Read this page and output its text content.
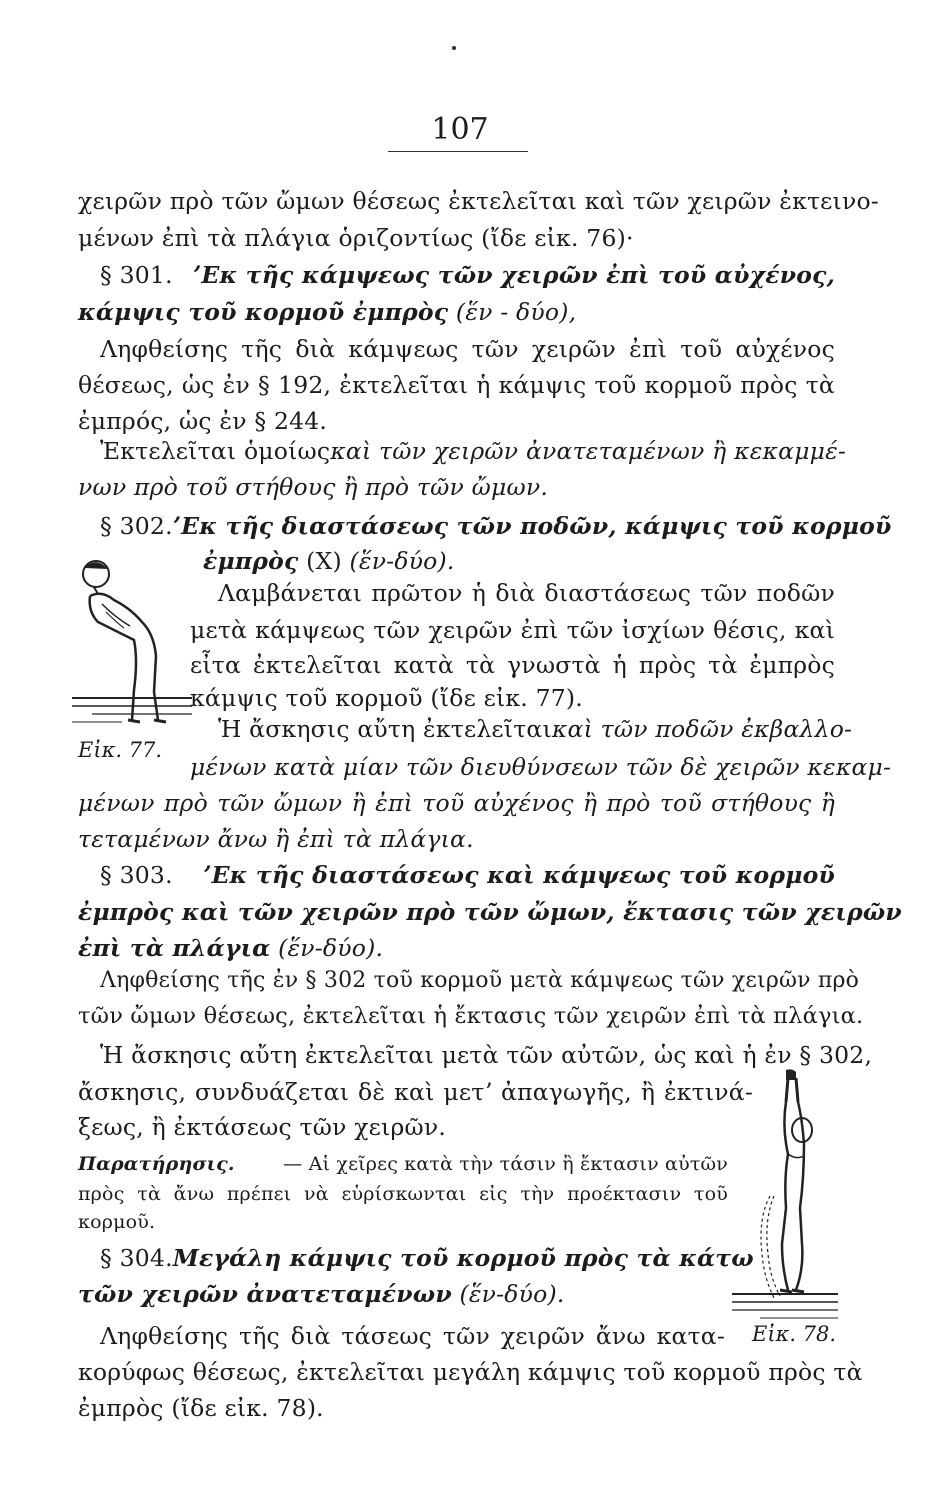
107
χειρῶν πρὸ τῶν ὤμων θέσεως ἐκτελεῖται καὶ τῶν χειρῶν ἐκτεινο-
μένων ἐπὶ τὰ πλάγια ὁριζοντίως (ἴδε εἰκ. 76)·
§ 301. ʼΕκ τῆς κάμψεως τῶν χειρῶν ἐπὶ τοῦ αὐχένος,
κάμψις τοῦ κορμοῦ ἐμπρὸς (ἕν - δύο),
Ληφθείσης τῆς διὰ κάμψεως τῶν χειρῶν ἐπὶ τοῦ αὐχένος
θέσεως, ὡς ἐν § 192, ἐκτελεῖται ἡ κάμψις τοῦ κορμοῦ πρὸς τὰ
ἐμπρός, ὡς ἐν § 244.
Ἐκτελεῖται ὁμοίως καὶ τῶν χειρῶν ἀνατεταμένων ἢ κεκαμμέ-
νων πρὸ τοῦ στήθους ἢ πρὸ τῶν ὤμων.
§ 302. ʼΕκ τῆς διαστάσεως τῶν ποδῶν, κάμψις τοῦ κορμοῦ
ἐμπρὸς (Χ) (ἕν-δύο).
Εἰκ. 77.
Λαμβάνεται πρῶτον ἡ διὰ διαστάσεως τῶν ποδῶν
μετὰ κάμψεως τῶν χειρῶν ἐπὶ τῶν ἰσχίων θέσις, καὶ
εἶτα ἐκτελεῖται κατὰ τὰ γνωστὰ ἡ πρὸς τὰ ἐμπρὸς
κάμψις τοῦ κορμοῦ (ἴδε εἰκ. 77).
Ἡ ἄσκησις αὔτη ἐκτελεῖται καὶ τῶν ποδῶν ἐκβαλλο-
μένων κατὰ μίαν τῶν διευθύνσεων τῶν δὲ χειρῶν κεκαμ-
μένων πρὸ τῶν ὤμων ἢ ἐπὶ τοῦ αὐχένος ἢ πρὸ τοῦ στήθους ἢ
τεταμένων ἄνω ἢ ἐπὶ τὰ πλάγια.
§ 303. ʼΕκ τῆς διαστάσεως καὶ κάμψεως τοῦ κορμοῦ
ἐμπρὸς καὶ τῶν χειρῶν πρὸ τῶν ὤμων, ἔκτασις τῶν χειρῶν
ἐπὶ τὰ πλάγια (ἕν-δύο).
Ληφθείσης τῆς ἐν § 302 τοῦ κορμοῦ μετὰ κάμψεως τῶν χειρῶν πρὸ
τῶν ὤμων θέσεως, ἐκτελεῖται ἡ ἔκτασις τῶν χειρῶν ἐπὶ τὰ πλάγια.
Ἡ ἄσκησις αὔτη ἐκτελεῖται μετὰ τῶν αὐτῶν, ὡς καὶ ἡ ἐν § 302,
ἄσκησις, συνδυάζεται δὲ καὶ μετʼ ἀπαγωγῆς, ἢ ἐκτινά-
ξεως, ἢ ἐκτάσεως τῶν χειρῶν.
Παρατήρησις.	— Αἱ χεῖρες κατὰ τὴν τάσιν ἢ ἔκτασιν αὐτῶν
πρὸς τὰ ἄνω πρέπει νὰ εὑρίσκωνται εἰς τὴν προέκτασιν τοῦ
κορμοῦ.
Εἰκ. 78.
§ 304. Μεγάλη κάμψις τοῦ κορμοῦ πρὸς τὰ κάτω
τῶν χειρῶν ἀνατεταμένων (ἕν-δύο).
Ληφθείσης τῆς διὰ τάσεως τῶν χειρῶν ἄνω κατα-
κορύφως θέσεως, ἐκτελεῖται μεγάλη κάμψις τοῦ κορμοῦ πρὸς τὰ
ἐμπρὸς (ἴδε εἰκ. 78).
